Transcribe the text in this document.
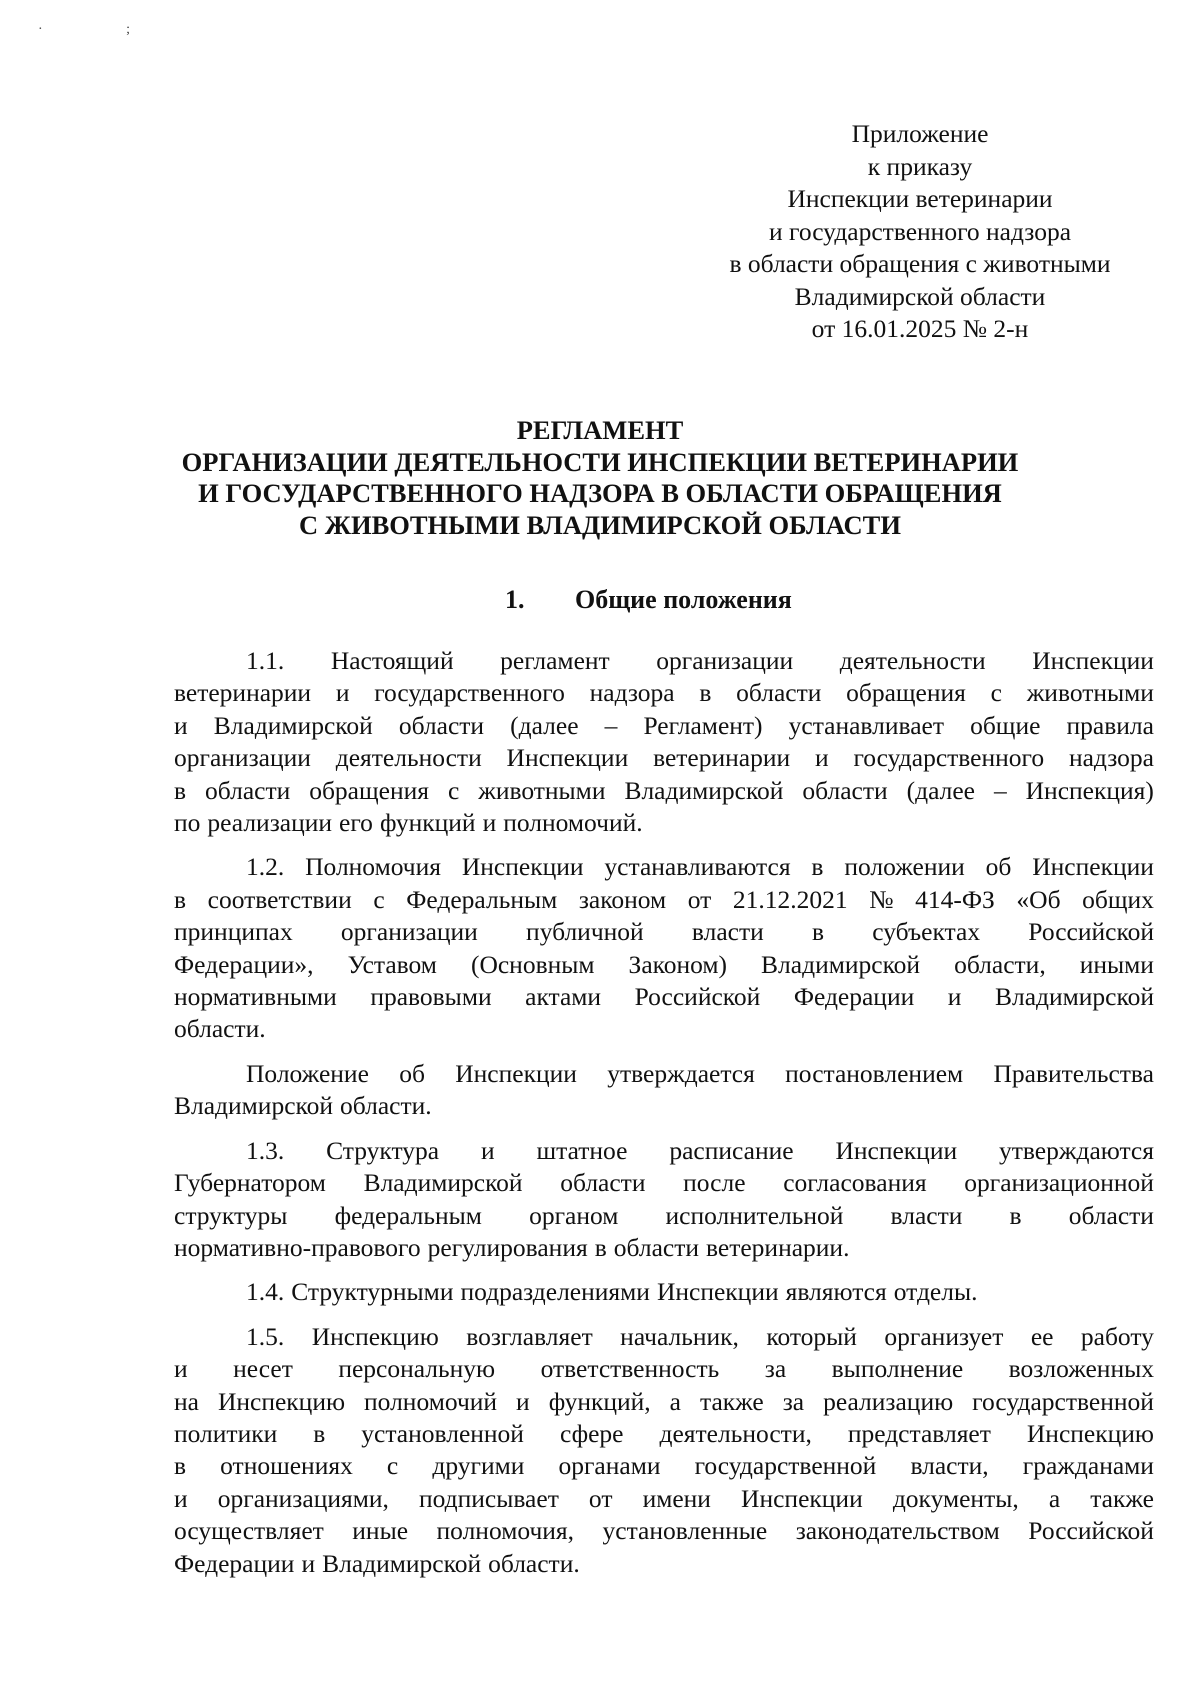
· ;
Приложение
к приказу
Инспекции ветеринарии
и государственного надзора
в области обращения с животными
Владимирской области
от 16.01.2025 № 2-н
РЕГЛАМЕНТ
ОРГАНИЗАЦИИ ДЕЯТЕЛЬНОСТИ ИНСПЕКЦИИ ВЕТЕРИНАРИИ
И ГОСУДАРСТВЕННОГО НАДЗОРА В ОБЛАСТИ ОБРАЩЕНИЯ
С ЖИВОТНЫМИ ВЛАДИМИРСКОЙ ОБЛАСТИ
1. Общие положения
1.1. Настоящий регламент организации деятельности Инспекции
ветеринарии и государственного надзора в области обращения с животными
и Владимирской области (далее – Регламент) устанавливает общие правила
организации деятельности Инспекции ветеринарии и государственного надзора
в области обращения с животными Владимирской области (далее – Инспекция)
по реализации его функций и полномочий.
1.2. Полномочия Инспекции устанавливаются в положении об Инспекции
в соответствии с Федеральным законом от 21.12.2021 № 414-ФЗ «Об общих
принципах организации публичной власти в субъектах Российской
Федерации», Уставом (Основным Законом) Владимирской области, иными
нормативными правовыми актами Российской Федерации и Владимирской
области.
Положение об Инспекции утверждается постановлением Правительства
Владимирской области.
1.3. Структура и штатное расписание Инспекции утверждаются
Губернатором Владимирской области после согласования организационной
структуры федеральным органом исполнительной власти в области
нормативно-правового регулирования в области ветеринарии.
1.4. Структурными подразделениями Инспекции являются отделы.
1.5. Инспекцию возглавляет начальник, который организует ее работу
и несет персональную ответственность за выполнение возложенных
на Инспекцию полномочий и функций, а также за реализацию государственной
политики в установленной сфере деятельности, представляет Инспекцию
в отношениях с другими органами государственной власти, гражданами
и организациями, подписывает от имени Инспекции документы, а также
осуществляет иные полномочия, установленные законодательством Российской
Федерации и Владимирской области.
